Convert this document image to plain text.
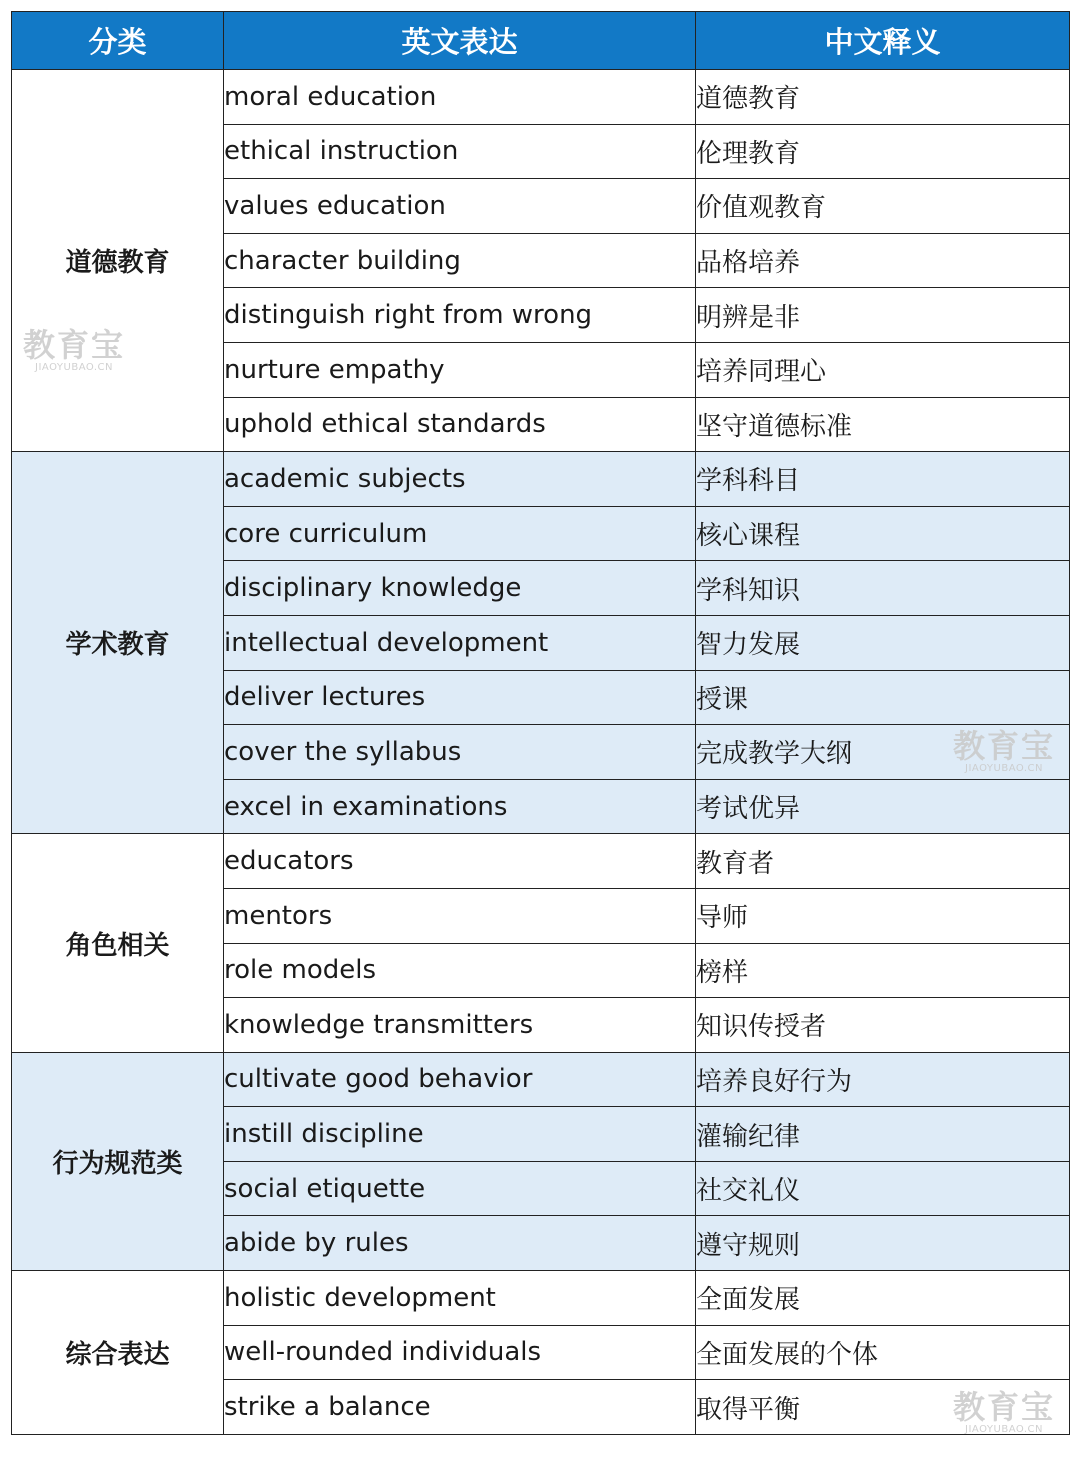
分类	英文表达	中文释义
道德教育	moral education	道德教育
	ethical instruction	伦理教育
	values education	价值观教育
	character building	品格培养
	distinguish right from wrong	明辨是非
	nurture empathy	培养同理心
	uphold ethical standards	坚守道德标准
学术教育	academic subjects	学科科目
	core curriculum	核心课程
	disciplinary knowledge	学科知识
	intellectual development	智力发展
	deliver lectures	授课
	cover the syllabus	完成教学大纲
	excel in examinations	考试优异
角色相关	educators	教育者
	mentors	导师
	role models	榜样
	knowledge transmitters	知识传授者
行为规范类	cultivate good behavior	培养良好行为
	instill discipline	灌输纪律
	social etiquette	社交礼仪
	abide by rules	遵守规则
综合表达	holistic development	全面发展
	well-rounded individuals	全面发展的个体
	strike a balance	取得平衡
教育宝
JIAOYUBAO.CN
教育宝
JIAOYUBAO.CN
教育宝
JIAOYUBAO.CN
